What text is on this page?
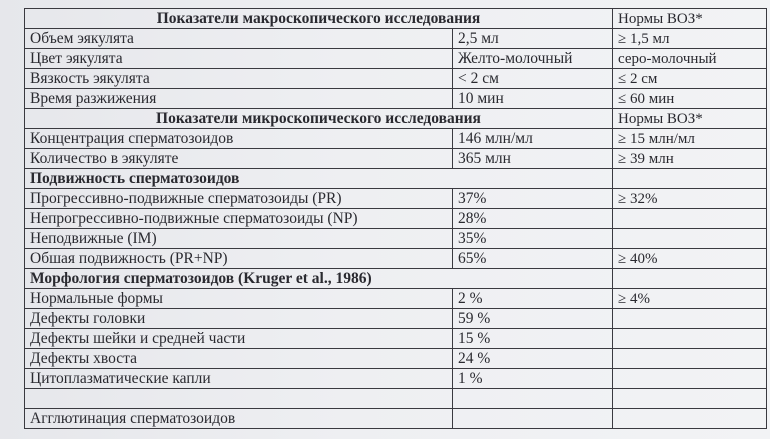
Показатели макроскопического исследования		Нормы ВОЗ*
Объем эякулята	2,5 мл	≥ 1,5 мл
Цвет эякулята	Желто-молочный	серо-молочный
Вязкость эякулята	< 2 см	≤ 2 см
Время разжижения	10 мин	≤ 60 мин
Показатели микроскопического исследования		Нормы ВОЗ*
Концентрация сперматозоидов	146 млн/мл	≥ 15 млн/мл
Количество в эякуляте	365 млн	≥ 39 млн
Подвижность сперматозоидов		
Прогрессивно-подвижные сперматозоиды (PR)	37%	≥ 32%
Непрогрессивно-подвижные сперматозоиды (NP)	28%	
Неподвижные (IM)	35%	
Обшая подвижность (PR+NP)	65%	≥ 40%
Морфология сперматозоидов (Kruger et al., 1986)		
Нормальные формы	2 %	≥ 4%
Дефекты головки	59 %	
Дефекты шейки и средней части	15 %	
Дефекты хвоста	24 %	
Цитоплазматические капли	1 %	

Агглютинация сперматозоидов		
